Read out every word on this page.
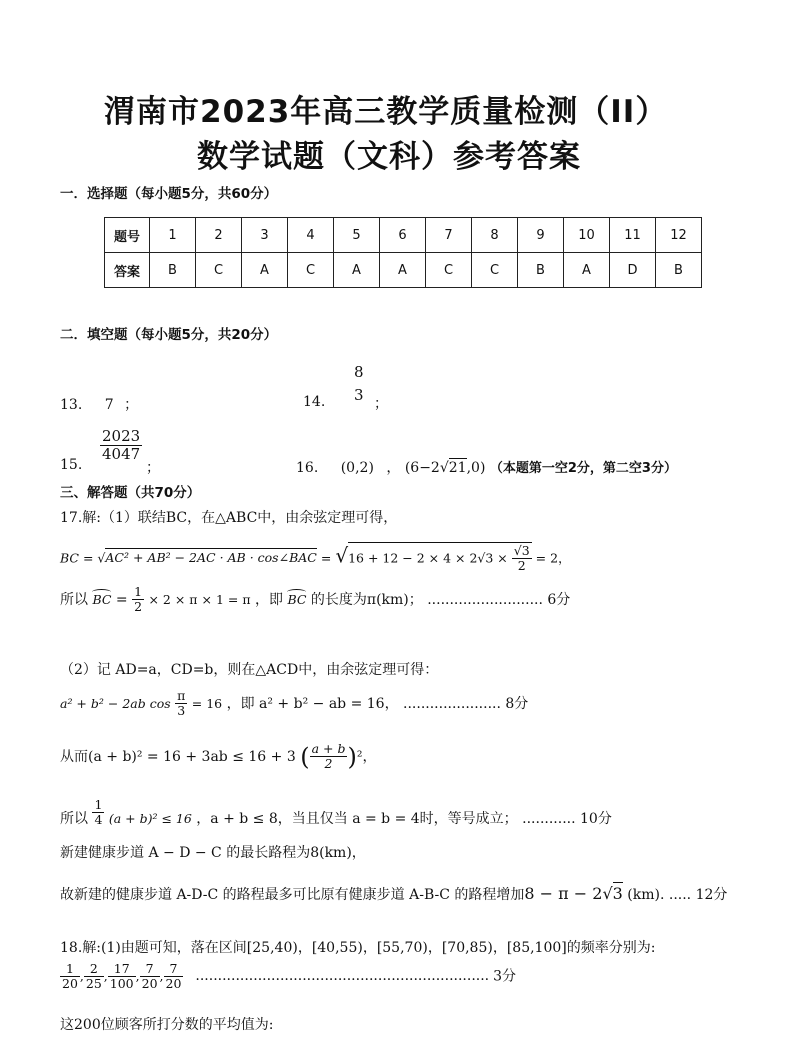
渭南市2023年高三教学质量检测（II）
数学试题（文科）参考答案
一．选择题（每小题5分，共60分）
题号	1	2	3	4	5	6	7	8	9	10	11	12
答案	B	C	A	C	A	A	C	C	B	A	D	B
二．填空题（每小题5分，共20分）
13. 7 ；	14.
8
3 ；
15.
$\frac{2023}{4047}$
；	16. (0,2) ， (6−2√21,0) （本题第一空2分，第二空3分）
三、解答题（共70分）
17.解:（1）联结BC，在△ABC中，由余弦定理可得，
BC = √AC² + AB² − 2AC · AB · cos∠BAC = $√16 + 12 - 2 \times 4 \times 2√3 \times \frac{√3}{2} = 2$，
所以 BC = $\frac{1}{2} \times 2 \times \pi \times 1 = \pi$ ，即 BC 的长度为π(km)； .......................... 6分
（2）记 AD=a，CD=b，则在△ACD中，由余弦定理可得：
a² + b² − 2ab $\cos \frac{\pi}{3} = 16$ ，即 a² + b² − ab = 16， ...................... 8分
从而(a + b)² = 16 + 3ab ≤ 16 + 3 ( $\frac{a + b}{2} )^2$，
所以 $\frac{1}{4} (a + b)^2 \le 16$ ，a + b ≤ 8，当且仅当 a = b = 4时，等号成立； ............ 10分
新建健康步道 A − D − C 的最长路程为8(km)，
故新建的健康步道 A-D-C 的路程最多可比原有健康步道 A-B-C 的路程增加8 − π − 2√3 (km). ..... 12分
18.解:(1)由题可知，落在区间[25,40)，[40,55)，[55,70)，[70,85)，[85,100]的频率分别为:
$\frac{1}{20}$ , $\frac{2}{25}$ , $\frac{17}{100}$ , $\frac{7}{20}$ , $\frac{7}{20}$ .................................................................. 3分
这200位顾客所打分数的平均值为:
